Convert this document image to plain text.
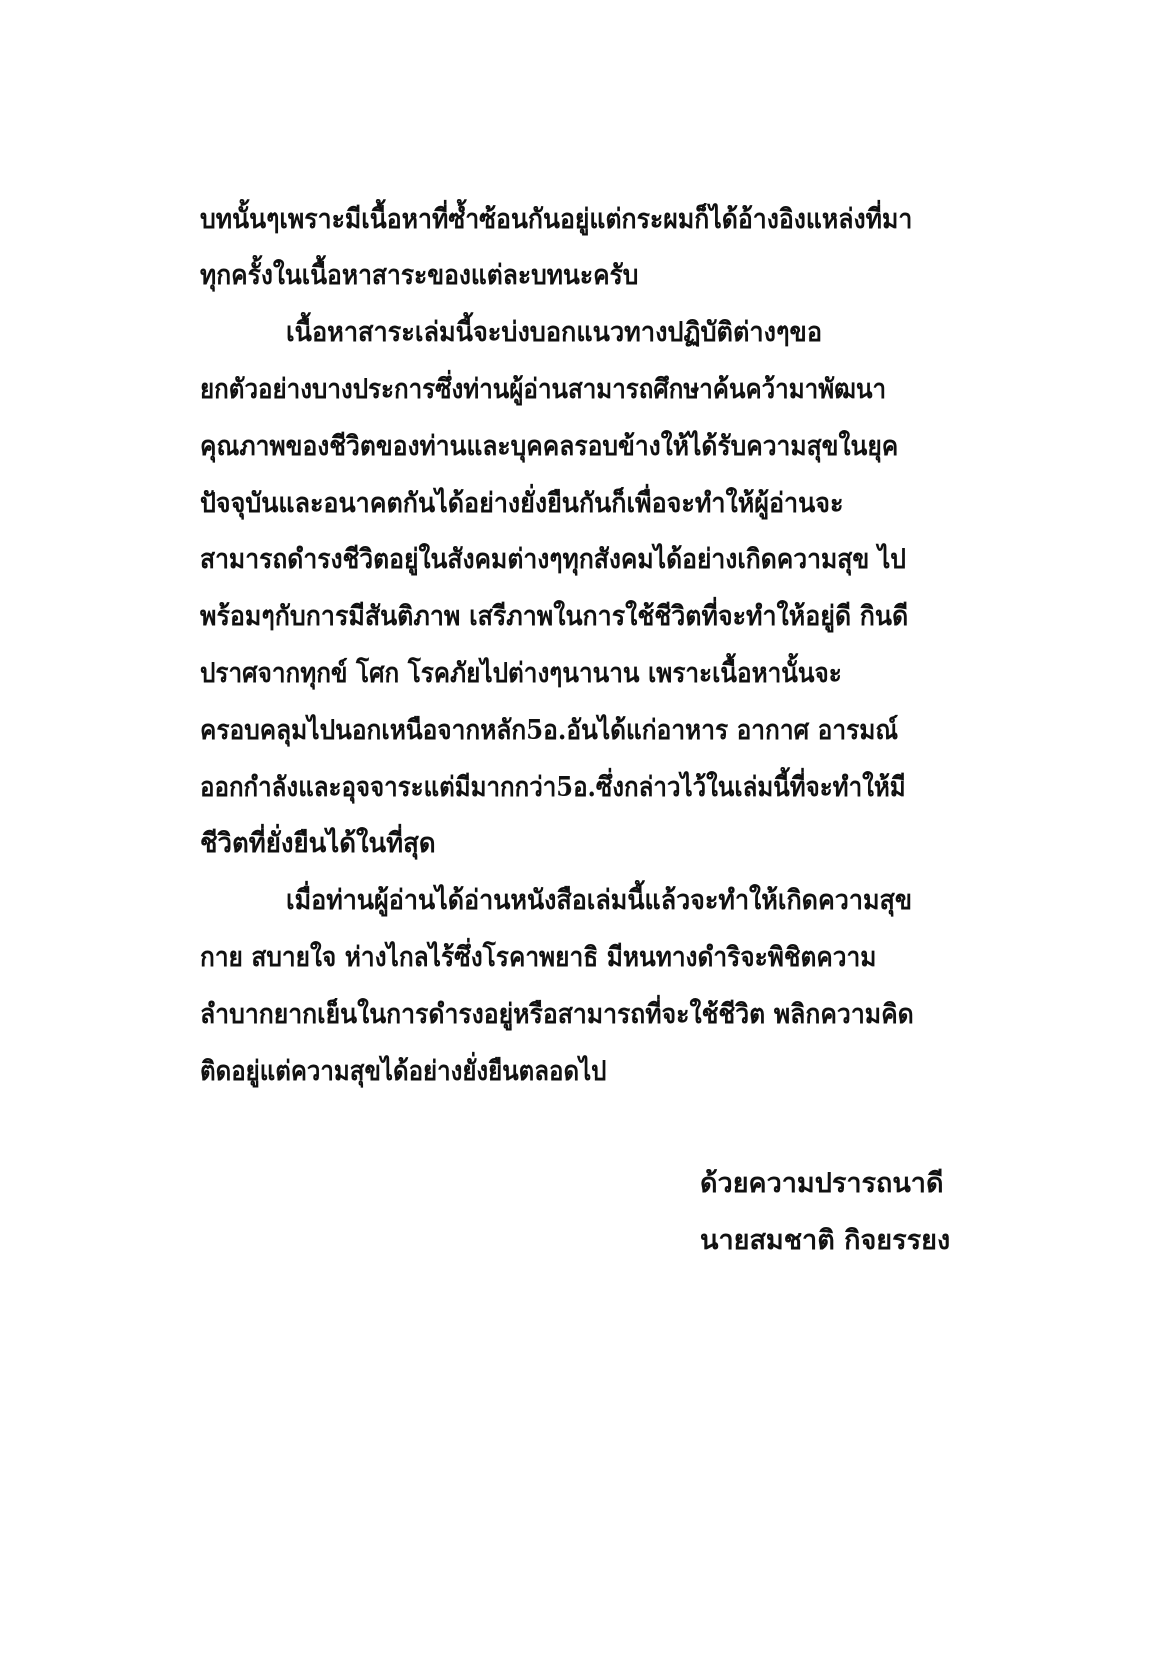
บทนั้นๆเพราะมีเนื้อหาที่ซ้ำซ้อนกันอยู่แต่กระผมก็ได้อ้างอิงแหล่งที่มา
ทุกครั้งในเนื้อหาสาระของแต่ละบทนะครับ
เนื้อหาสาระเล่มนี้จะบ่งบอกแนวทางปฏิบัติต่างๆขอ
ยกตัวอย่างบางประการซึ่งท่านผู้อ่านสามารถศึกษาค้นคว้ามาพัฒนา
คุณภาพของชีวิตของท่านและบุคคลรอบข้างให้ได้รับความสุขในยุค
ปัจจุบันและอนาคตกันได้อย่างยั่งยืนกันก็เพื่อจะทำให้ผู้อ่านจะ
สามารถดำรงชีวิตอยู่ในสังคมต่างๆทุกสังคมได้อย่างเกิดความสุข ไป
พร้อมๆกับการมีสันติภาพ เสรีภาพในการใช้ชีวิตที่จะทำให้อยู่ดี กินดี
ปราศจากทุกข์ โศก โรคภัยไปต่างๆนานาน เพราะเนื้อหานั้นจะ
ครอบคลุมไปนอกเหนือจากหลัก5อ.อันได้แก่อาหาร อากาศ อารมณ์
ออกกำลังและอุจจาระแต่มีมากกว่า5อ.ซึ่งกล่าวไว้ในเล่มนี้ที่จะทำให้มี
ชีวิตที่ยั่งยืนได้ในที่สุด
เมื่อท่านผู้อ่านได้อ่านหนังสือเล่มนี้แล้วจะทำให้เกิดความสุข
กาย สบายใจ ห่างไกลไร้ซึ่งโรคาพยาธิ มีหนทางดำริจะพิชิตความ
ลำบากยากเย็นในการดำรงอยู่หรือสามารถที่จะใช้ชีวิต พลิกความคิด
ติดอยู่แต่ความสุขได้อย่างยั่งยืนตลอดไป
ด้วยความปรารถนาดี
นายสมชาติ กิจยรรยง
